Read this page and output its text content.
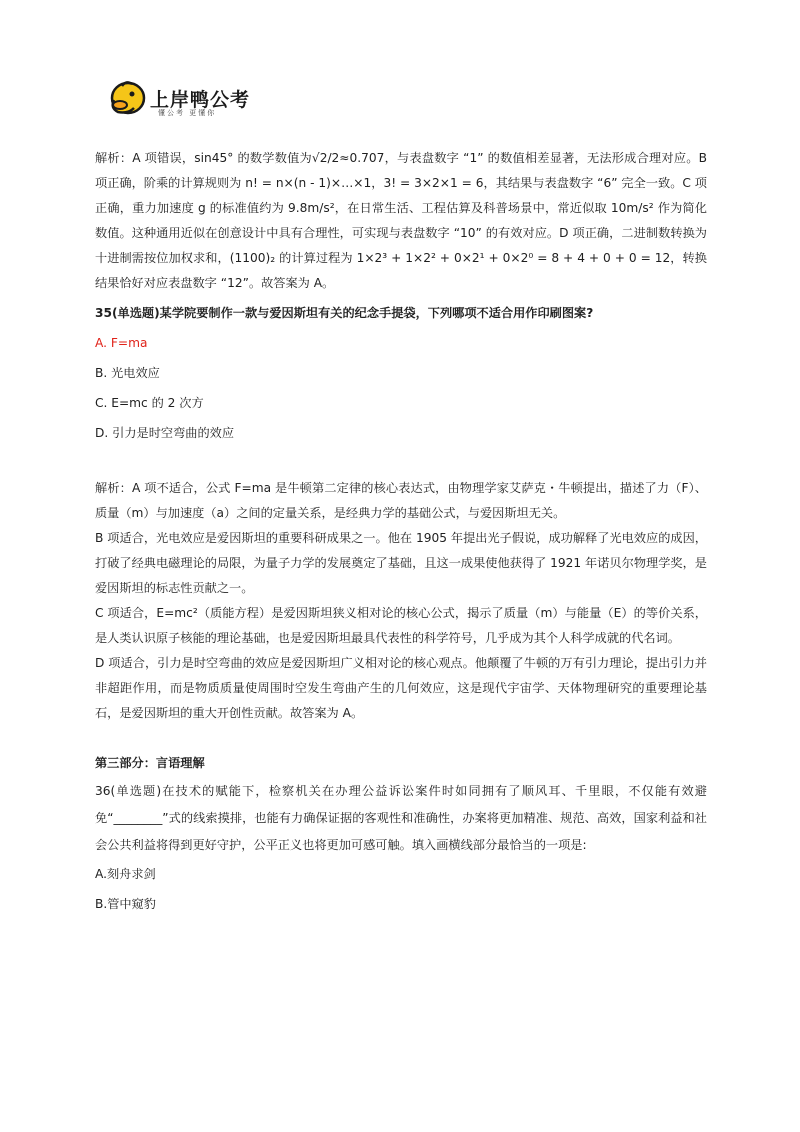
上岸鸭公考
懂公考 更懂你

解析：A 项错误，sin45° 的数学数值为√2/2≈0.707，与表盘数字 “1” 的数值相差显著，无法形成合理对应。B 项正确，阶乘的计算规则为 n! = n×(n - 1)×…×1，3! = 3×2×1 = 6，其结果与表盘数字 “6” 完全一致。C 项正确，重力加速度 g 的标准值约为 9.8m/s²，在日常生活、工程估算及科普场景中，常近似取 10m/s² 作为简化数值。这种通用近似在创意设计中具有合理性，可实现与表盘数字 “10” 的有效对应。D 项正确，二进制数转换为十进制需按位加权求和，(1100)₂ 的计算过程为 1×2³ + 1×2² + 0×2¹ + 0×2⁰ = 8 + 4 + 0 + 0 = 12，转换结果恰好对应表盘数字 “12”。故答案为 A。

35(单选题)某学院要制作一款与爱因斯坦有关的纪念手提袋，下列哪项不适合用作印刷图案?

A. F=ma

B. 光电效应

C. E=mc 的 2 次方

D. 引力是时空弯曲的效应

解析：A 项不适合，公式 F=ma 是牛顿第二定律的核心表达式，由物理学家艾萨克・牛顿提出，描述了力（F）、质量（m）与加速度（a）之间的定量关系，是经典力学的基础公式，与爱因斯坦无关。

B 项适合，光电效应是爱因斯坦的重要科研成果之一。他在 1905 年提出光子假说，成功解释了光电效应的成因，打破了经典电磁理论的局限，为量子力学的发展奠定了基础，且这一成果使他获得了 1921 年诺贝尔物理学奖，是爱因斯坦的标志性贡献之一。

C 项适合，E=mc²（质能方程）是爱因斯坦狭义相对论的核心公式，揭示了质量（m）与能量（E）的等价关系，是人类认识原子核能的理论基础，也是爱因斯坦最具代表性的科学符号，几乎成为其个人科学成就的代名词。

D 项适合，引力是时空弯曲的效应是爱因斯坦广义相对论的核心观点。他颠覆了牛顿的万有引力理论，提出引力并非超距作用，而是物质质量使周围时空发生弯曲产生的几何效应，这是现代宇宙学、天体物理研究的重要理论基石，是爱因斯坦的重大开创性贡献。故答案为 A。

第三部分：言语理解

36(单选题)在技术的赋能下，检察机关在办理公益诉讼案件时如同拥有了顺风耳、千里眼，不仅能有效避免“________”式的线索摸排，也能有力确保证据的客观性和准确性，办案将更加精准、规范、高效，国家利益和社会公共利益将得到更好守护，公平正义也将更加可感可触。填入画横线部分最恰当的一项是:

A.刻舟求剑

B.管中窥豹
